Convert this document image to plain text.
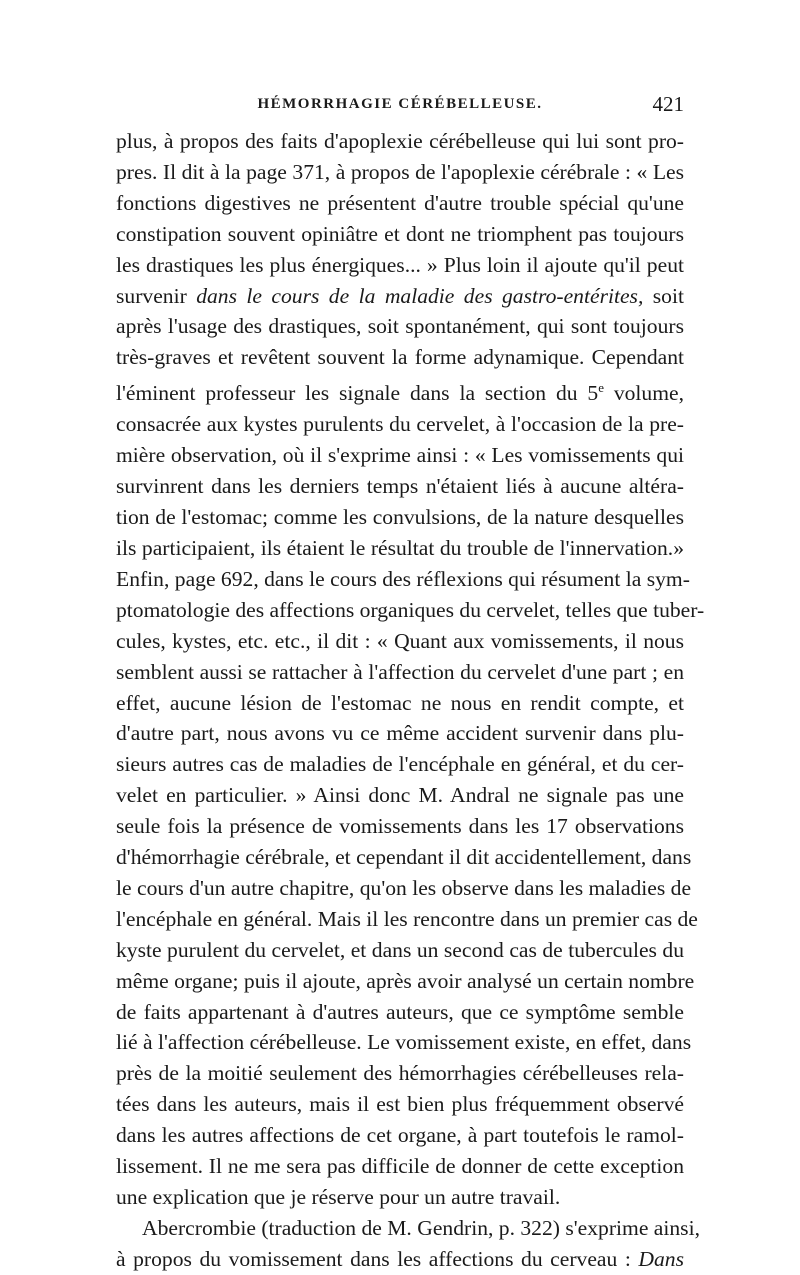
HÉMORRHAGIE CÉRÉBELLEUSE.	421
plus, à propos des faits d'apoplexie cérébelleuse qui lui sont pro-
pres. Il dit à la page 371, à propos de l'apoplexie cérébrale : « Les
fonctions digestives ne présentent d'autre trouble spécial qu'une
constipation souvent opiniâtre et dont ne triomphent pas toujours
les drastiques les plus énergiques... » Plus loin il ajoute qu'il peut
survenir dans le cours de la maladie des gastro-entérites, soit
après l'usage des drastiques, soit spontanément, qui sont toujours
très-graves et revêtent souvent la forme adynamique. Cependant
l'éminent professeur les signale dans la section du 5e volume,
consacrée aux kystes purulents du cervelet, à l'occasion de la pre-
mière observation, où il s'exprime ainsi : « Les vomissements qui
survinrent dans les derniers temps n'étaient liés à aucune altéra-
tion de l'estomac; comme les convulsions, de la nature desquelles
ils participaient, ils étaient le résultat du trouble de l'innervation.»
Enfin, page 692, dans le cours des réflexions qui résument la sym-
ptomatologie des affections organiques du cervelet, telles que tuber-
cules, kystes, etc. etc., il dit : « Quant aux vomissements, il nous
semblent aussi se rattacher à l'affection du cervelet d'une part ; en
effet, aucune lésion de l'estomac ne nous en rendit compte, et
d'autre part, nous avons vu ce même accident survenir dans plu-
sieurs autres cas de maladies de l'encéphale en général, et du cer-
velet en particulier. » Ainsi donc M. Andral ne signale pas une
seule fois la présence de vomissements dans les 17 observations
d'hémorrhagie cérébrale, et cependant il dit accidentellement, dans
le cours d'un autre chapitre, qu'on les observe dans les maladies de
l'encéphale en général. Mais il les rencontre dans un premier cas de
kyste purulent du cervelet, et dans un second cas de tubercules du
même organe; puis il ajoute, après avoir analysé un certain nombre
de faits appartenant à d'autres auteurs, que ce symptôme semble
lié à l'affection cérébelleuse. Le vomissement existe, en effet, dans
près de la moitié seulement des hémorrhagies cérébelleuses rela-
tées dans les auteurs, mais il est bien plus fréquemment observé
dans les autres affections de cet organe, à part toutefois le ramol-
lissement. Il ne me sera pas difficile de donner de cette exception
une explication que je réserve pour un autre travail.
Abercrombie (traduction de M. Gendrin, p. 322) s'exprime ainsi,
à propos du vomissement dans les affections du cerveau : Dans
